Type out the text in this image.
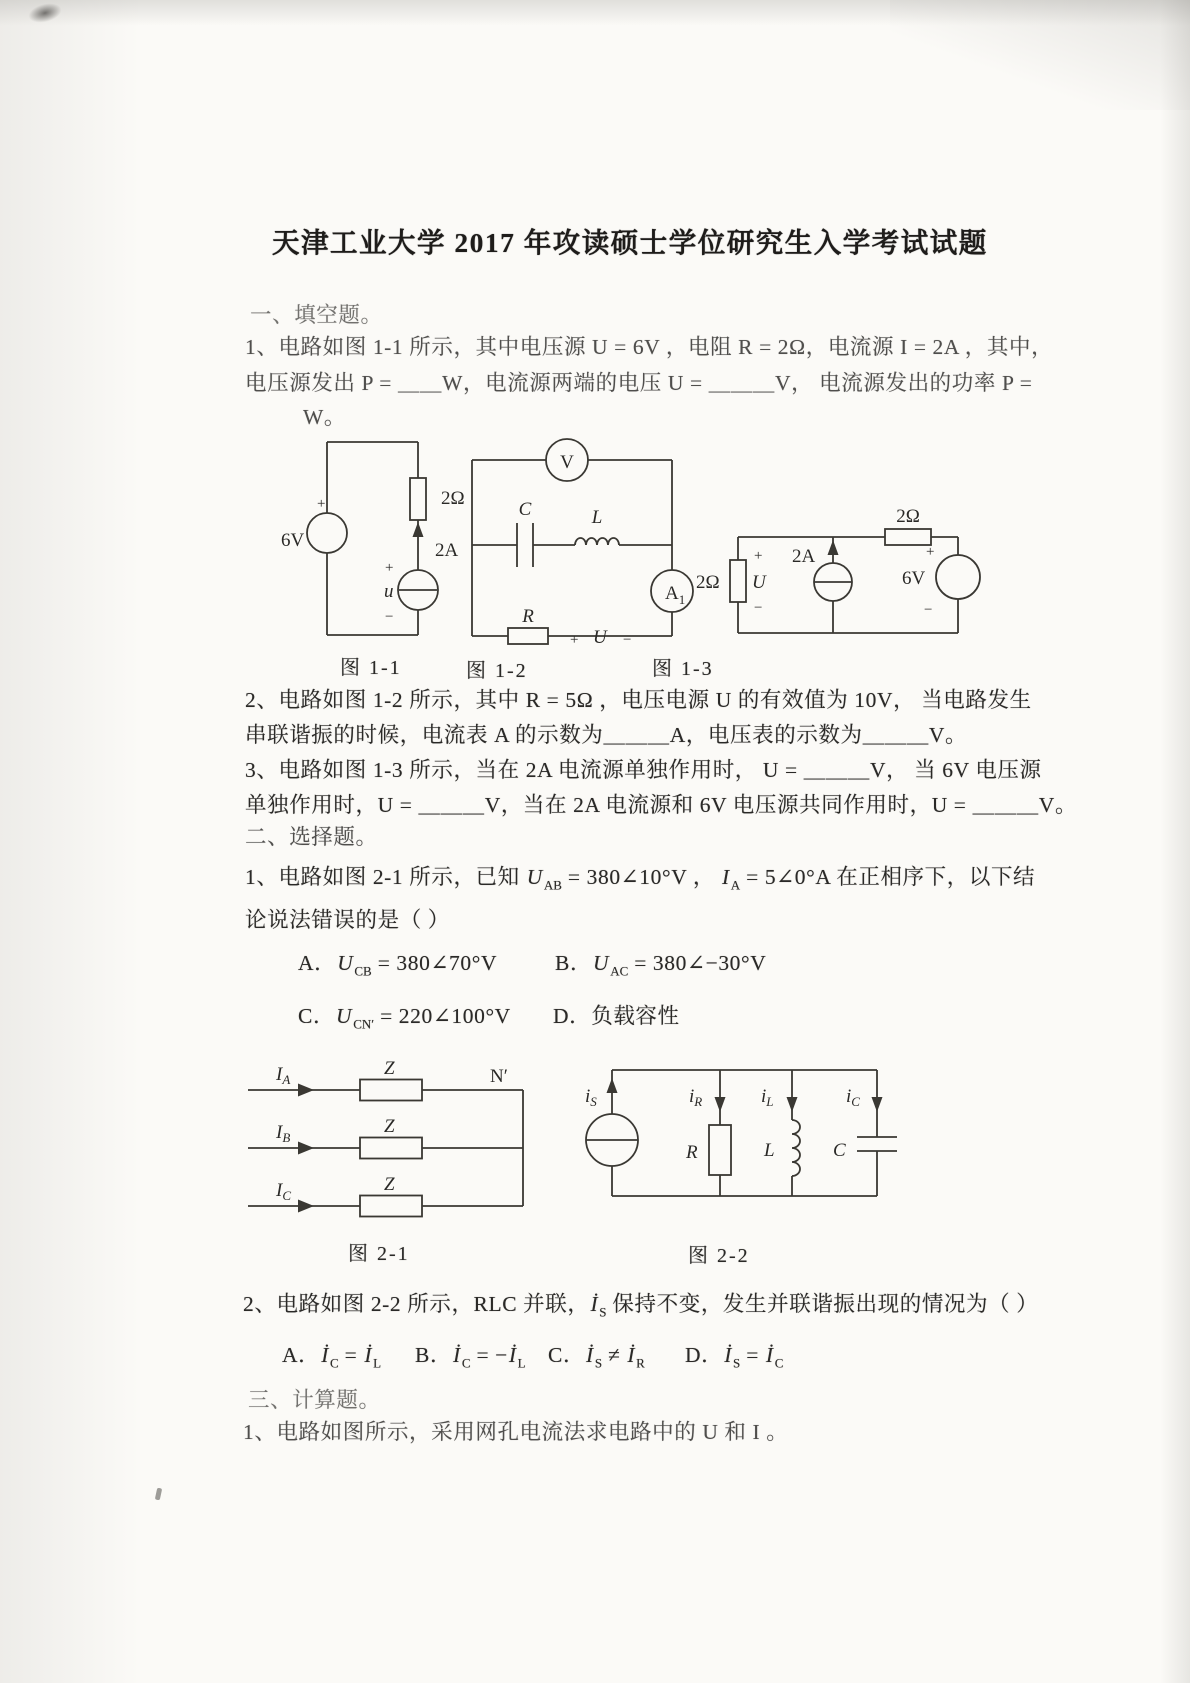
天津工业大学 2017 年攻读硕士学位研究生入学考试试题
一、填空题。
1、电路如图 1-1 所示，其中电压源 U = 6V ，电阻 R = 2Ω，电流源 I = 2A ，其中，
电压源发出 P = ＿＿W，电流源两端的电压 U = ＿＿＿V， 电流源发出的功率 P =
W。
6V
+	2Ω
2A
+
u
−
V
$A_1$
C	L
R
+ U −
2Ω
+
U
−
2A
2Ω
6V
+
−
图 1-1	图 1-2	图 1-3
2、电路如图 1-2 所示，其中 R = 5Ω ，电压电源 U 的有效值为 10V， 当电路发生
串联谐振的时候，电流表 A 的示数为＿＿＿A，电压表的示数为＿＿＿V。
3、电路如图 1-3 所示，当在 2A 电流源单独作用时， U = ＿＿＿V， 当 6V 电压源
单独作用时，U = ＿＿＿V，当在 2A 电流源和 6V 电压源共同作用时，U = ＿＿＿V。
二、选择题。
1、电路如图 2-1 所示，已知 $U_{AB}$ = 380∠10°V ， $I_A$ = 5∠0°A 在正相序下，以下结
论说法错误的是（ ）
A．$U_{CB}$ = 380∠70°V	B．$U_{AC}$ = 380∠−30°V
C．$U_{CN'}$ = 220∠100°V D．负载容性
$I_A$
$I_B$
$I_C$
Z
Z
Z
N′
$i_S$	$i_R$	$i_L$	$i_C$
R	L	C
图 2-1	图 2-2
2、电路如图 2-2 所示，RLC 并联，$İ_S$ 保持不变，发生并联谐振出现的情况为（ ）
A．$İ_C$ = $İ_L$ B．$İ_C$ = $-İ_L$ C．$İ_S$ ≠ $İ_R$ D．$İ_S$ = $İ_C$
三、计算题。
1、电路如图所示，采用网孔电流法求电路中的 U 和 I 。
